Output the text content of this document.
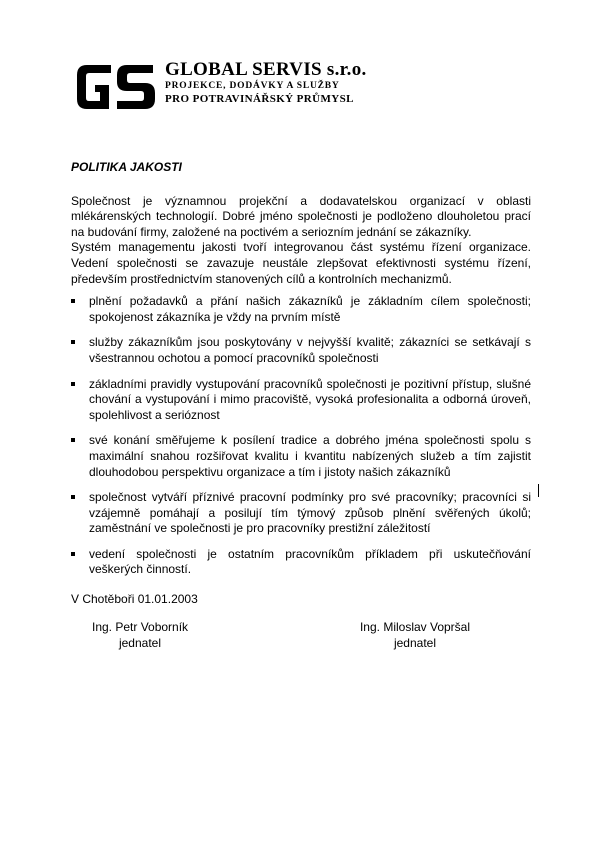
GLOBAL SERVIS s.r.o.
PROJEKCE, DODÁVKY A SLUŽBY
PRO POTRAVINÁŘSKÝ PRŮMYSL
POLITIKA JAKOSTI

Společnost je významnou projekční a dodavatelskou organizací v oblasti mlékárenských technologií. Dobré jméno společnosti je podloženo dlouholetou prací na budování firmy, založené na poctivém a seriozním jednání se zákazníky.

Systém managementu jakosti tvoří integrovanou část systému řízení organizace. Vedení společnosti se zavazuje neustále zlepšovat efektivnosti systému řízení, především prostřednictvím stanovených cílů a kontrolních mechanizmů.

plnění požadavků a přání našich zákazníků je základním cílem společnosti; spokojenost zákazníka je vždy na prvním místě
služby zákazníkům jsou poskytovány v nejvyšší kvalitě; zákazníci se setkávají s všestrannou ochotou a pomocí pracovníků společnosti
základními pravidly vystupování pracovníků společnosti je pozitivní přístup, slušné chování a vystupování i mimo pracoviště, vysoká profesionalita a odborná úroveň, spolehlivost a serióznost
své konání směřujeme k posílení tradice a dobrého jména společnosti spolu s maximální snahou rozšiřovat kvalitu i kvantitu nabízených služeb a tím zajistit dlouhodobou perspektivu organizace a tím i jistoty našich zákazníků
společnost vytváří příznivé pracovní podmínky pro své pracovníky; pracovníci si vzájemně pomáhají a posilují tím týmový způsob plnění svěřených úkolů; zaměstnání ve společnosti je pro pracovníky prestižní záležitostí
vedení společnosti je ostatním pracovníkům příkladem při uskutečňování veškerých činností.
V Chotěboři 01.01.2003
Ing. Petr Voborník
jednatel
Ing. Miloslav Vopršal
jednatel
